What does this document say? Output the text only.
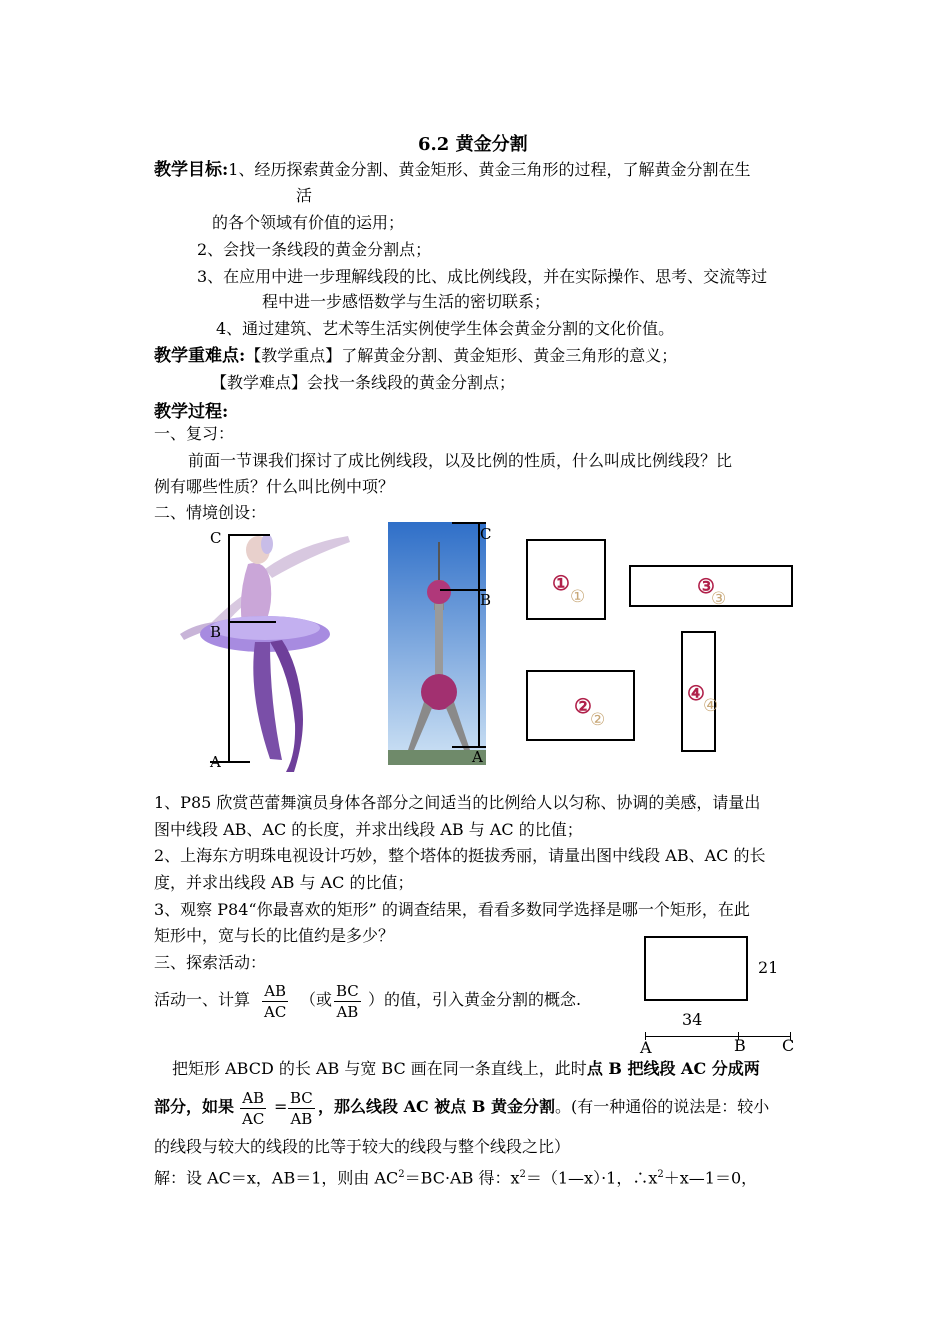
6.2 黄金分割
教学目标:1、经历探索黄金分割、黄金矩形、黄金三角形的过程，了解黄金分割在生
活
的各个领域有价值的运用；
2、会找一条线段的黄金分割点；
3、在应用中进一步理解线段的比、成比例线段，并在实际操作、思考、交流等过
程中进一步感悟数学与生活的密切联系；
4、通过建筑、艺术等生活实例使学生体会黄金分割的文化价值。
教学重难点:【教学重点】了解黄金分割、黄金矩形、黄金三角形的意义；
【教学难点】会找一条线段的黄金分割点；
教学过程:
一、复习：
前面一节课我们探讨了成比例线段，以及比例的性质，什么叫成比例线段？比
例有哪些性质？什么叫比例中项？
二、情境创设：
C
B
A
C
B
A
①
①
②
②
③
③
④
④
1、P85 欣赏芭蕾舞演员身体各部分之间适当的比例给人以匀称、协调的美感，请量出
图中线段 AB、AC 的长度，并求出线段 AB 与 AC 的比值；
2、上海东方明珠电视设计巧妙，整个塔体的挺拔秀丽，请量出图中线段 AB、AC 的长
度，并求出线段 AB 与 AC 的比值；
3、观察 P84“你最喜欢的矩形” 的调查结果，看看多数同学选择是哪一个矩形，在此
矩形中，宽与长的比值约是多少？
三、探索活动：	21
34
A	B C
活动一、计算 AB
AC
（或 BC
AB
）的值，引入黄金分割的概念.
把矩形 ABCD 的长 AB 与宽 BC 画在同一条直线上，此时点 B 把线段 AC 分成两
部分，如果 AB
AC
= BC
AB
，那么线段 AC 被点 B 黄金分割。(有一种通俗的说法是：较小
的线段与较大的线段的比等于较大的线段与整个线段之比）
解：设 AC＝x，AB＝1，则由 $AC^2=BC\cdot AB$ 得：$x^2=(1—x)\cdot 1$，$\therefore x^2+x—1=0$，
